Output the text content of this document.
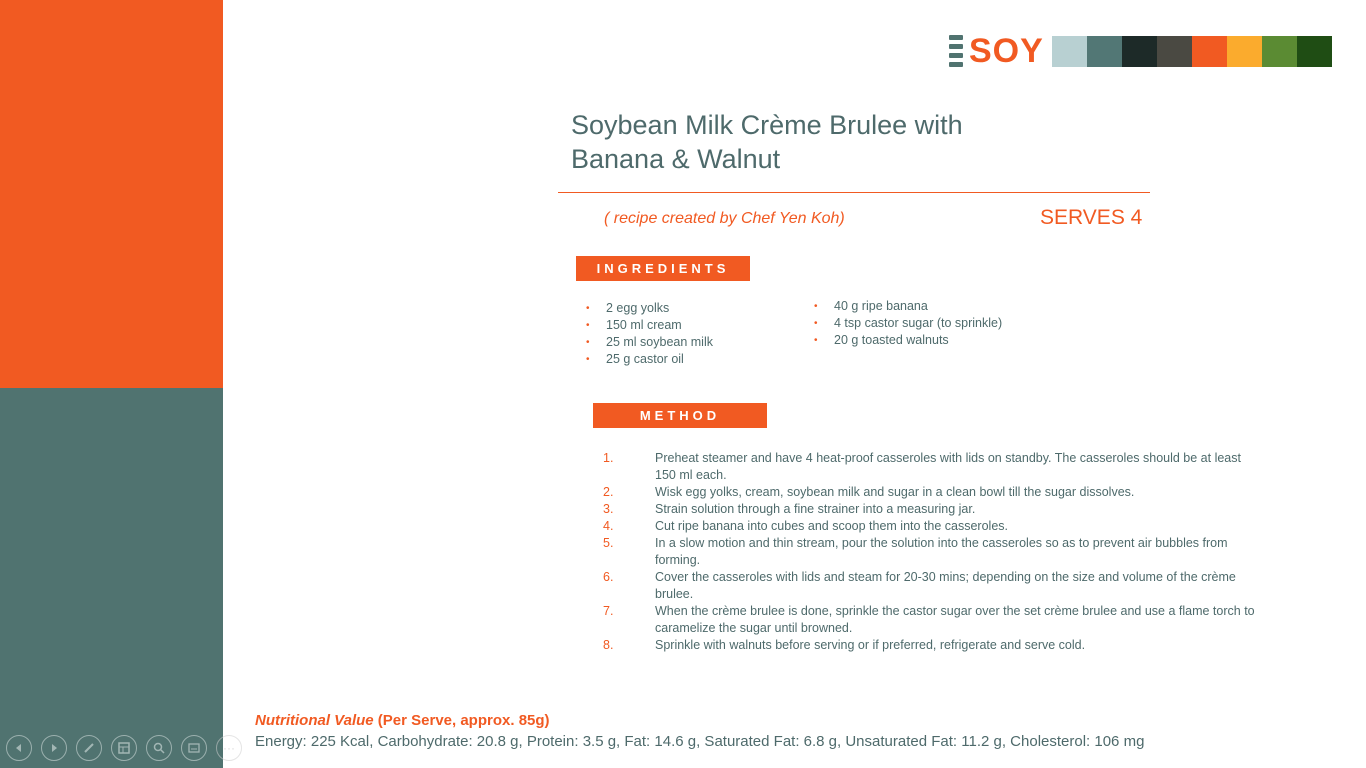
SOY
Soybean Milk Crème Brulee with Banana & Walnut
( recipe created by Chef Yen Koh)	SERVES 4
INGREDIENTS
• 2 egg yolks
• 150 ml cream
• 25 ml soybean milk
• 25 g castor oil
• 40 g ripe banana
• 4 tsp castor sugar (to sprinkle)
• 20 g toasted walnuts
METHOD
1.	Preheat steamer and have 4 heat-proof casseroles with lids on standby. The casseroles should be at least 150 ml each.
2.	Wisk egg yolks, cream, soybean milk and sugar in a clean bowl till the sugar dissolves.
3.	Strain solution through a fine strainer into a measuring jar.
4.	Cut ripe banana into cubes and scoop them into the casseroles.
5.	In a slow motion and thin stream, pour the solution into the casseroles so as to prevent air bubbles from forming.
6.	Cover the casseroles with lids and steam for 20-30 mins; depending on the size and volume of the crème brulee.
7.	When the crème brulee is done, sprinkle the castor sugar over the set crème brulee and use a flame torch to caramelize the sugar until browned.
8.	Sprinkle with walnuts before serving or if preferred, refrigerate and serve cold.
Nutritional Value (Per Serve, approx. 85g)
Energy: 225 Kcal, Carbohydrate: 20.8 g, Protein: 3.5 g, Fat: 14.6 g, Saturated Fat: 6.8 g, Unsaturated Fat: 11.2 g, Cholesterol: 106 mg
···
